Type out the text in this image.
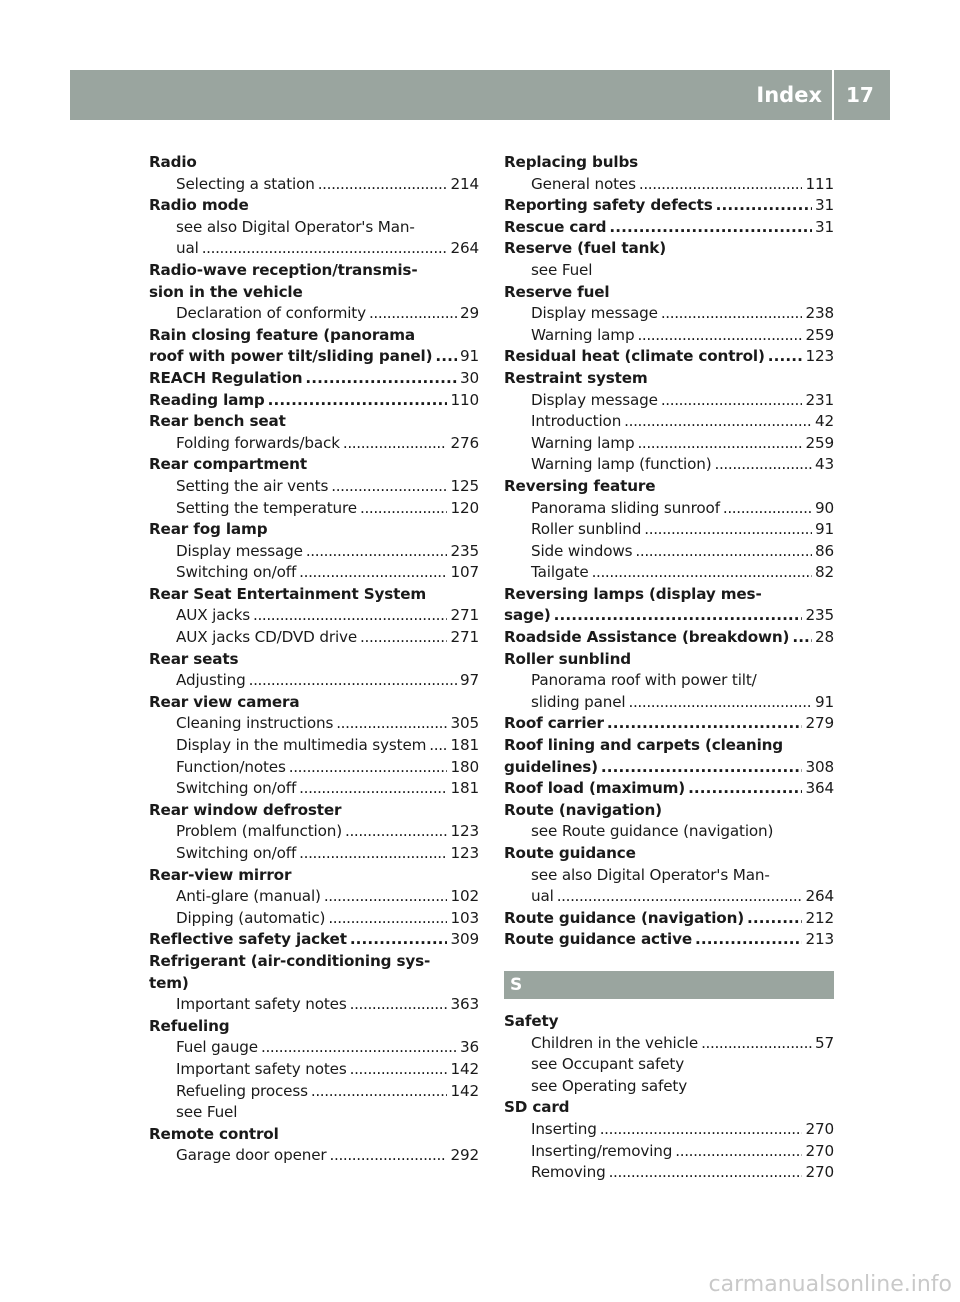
Index 17
Radio
Selecting a station . . .	214
Radio mode
see also Digital Operator's Man-
ual . . .	264
Radio-wave reception/transmis-
sion in the vehicle
Declaration of conformity . . .	29
Rain closing feature (panorama
roof with power tilt/sliding panel) . . . 91
REACH Regulation . . .	30
Reading lamp . . .	110
Rear bench seat
Folding forwards/back . . .	276
Rear compartment
Setting the air vents . . .	125
Setting the temperature . . .	120
Rear fog lamp
Display message . . .	235
Switching on/off . . .	107
Rear Seat Entertainment System
AUX jacks . . .	271
AUX jacks CD/DVD drive . . .	271
Rear seats
Adjusting . . .	97
Rear view camera
Cleaning instructions . . .	305
Display in the multimedia system . . . 181
Function/notes . . .	180
Switching on/off . . .	181
Rear window defroster
Problem (malfunction) . . .	123
Switching on/off . . .	123
Rear-view mirror
Anti-glare (manual) . . .	102
Dipping (automatic) . . .	103
Reflective safety jacket . . .	309
Refrigerant (air-conditioning sys-
tem)
Important safety notes . . .	363
Refueling
Fuel gauge . . .	36
Important safety notes . . .	142
Refueling process . . .	142
see Fuel
Remote control
Garage door opener . . .	292
Replacing bulbs
General notes . . .	111
Reporting safety defects . . .	31
Rescue card . . .	31
Reserve (fuel tank)
see Fuel
Reserve fuel
Display message . . .	238
Warning lamp . . .	259
Residual heat (climate control) . . .	123
Restraint system
Display message . . .	231
Introduction . . .	42
Warning lamp . . .	259
Warning lamp (function) . . .	43
Reversing feature
Panorama sliding sunroof . . .	90
Roller sunblind . . .	91
Side windows . . .	86
Tailgate . . .	82
Reversing lamps (display mes-
sage) . . .	235
Roadside Assistance (breakdown) . . . 28
Roller sunblind
Panorama roof with power tilt/
sliding panel . . .	91
Roof carrier . . .	279
Roof lining and carpets (cleaning
guidelines) . . .	308
Roof load (maximum) . . .	364
Route (navigation)
see Route guidance (navigation)
Route guidance
see also Digital Operator's Man-
ual . . .	264
Route guidance (navigation) . . .	212
Route guidance active . . .	213
S
Safety
Children in the vehicle . . .	57
see Occupant safety
see Operating safety
SD card
Inserting . . .	270
Inserting/removing . . .	270
Removing . . .	270
carmanualsonline.info
